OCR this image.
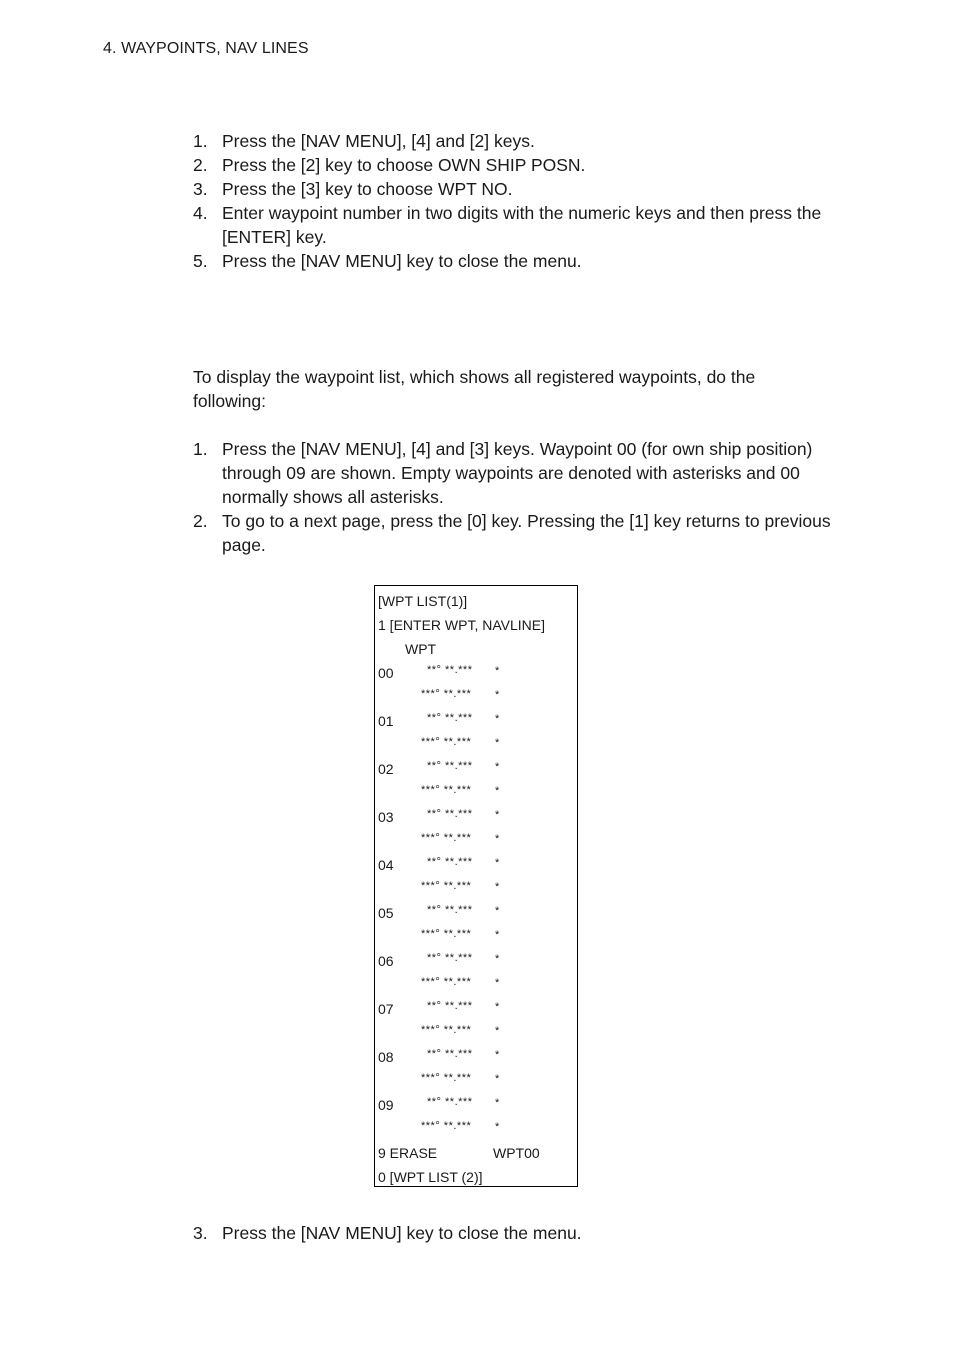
4. WAYPOINTS, NAV LINES
1. Press the [NAV MENU], [4] and [2] keys.
2. Press the [2] key to choose OWN SHIP POSN.
3. Press the [3] key to choose WPT NO.
4. Enter waypoint number in two digits with the numeric keys and then press the [ENTER] key.
5. Press the [NAV MENU] key to close the menu.
To display the waypoint list, which shows all registered waypoints, do the following:
1. Press the [NAV MENU], [4] and [3] keys. Waypoint 00 (for own ship position) through 09 are shown. Empty waypoints are denoted with asterisks and 00 normally shows all asterisks.
2. To go to a next page, press the [0] key. Pressing the [1] key returns to previous page.
[WPT LIST(1)]
1 [ENTER WPT, NAVLINE]
WPT
00	**° **.*** *
***° **.*** *
01	**° **.*** *
***° **.*** *
02	**° **.*** *
***° **.*** *
03	**° **.*** *
***° **.*** *
04	**° **.*** *
***° **.*** *
05	**° **.*** *
***° **.*** *
06	**° **.*** *
***° **.*** *
07	**° **.*** *
***° **.*** *
08	**° **.*** *
***° **.*** *
09	**° **.*** *
***° **.*** *
9 ERASE	WPT00
0 [WPT LIST (2)]
3. Press the [NAV MENU] key to close the menu.
